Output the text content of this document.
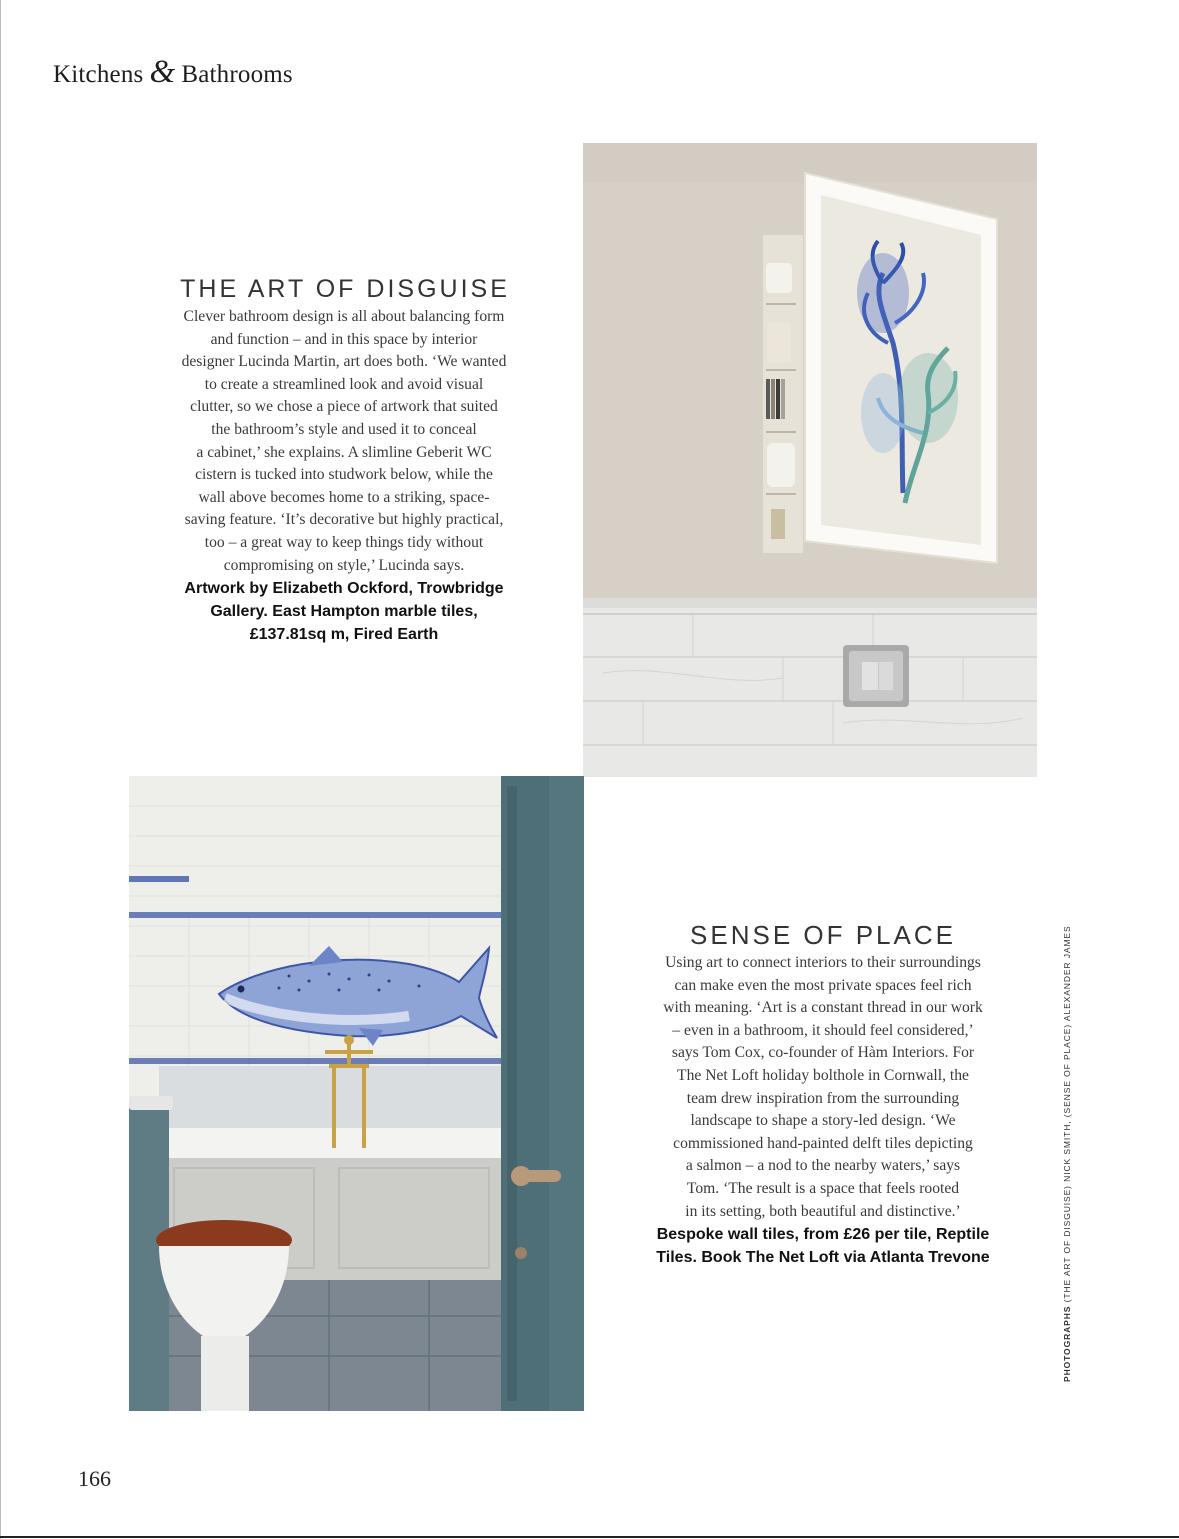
Kitchens & Bathrooms
THE ART OF DISGUISE
Clever bathroom design is all about balancing form
and function – and in this space by interior
designer Lucinda Martin, art does both. ‘We wanted
to create a streamlined look and avoid visual
clutter, so we chose a piece of artwork that suited
the bathroom’s style and used it to conceal
a cabinet,’ she explains. A slimline Geberit WC
cistern is tucked into studwork below, while the
wall above becomes home to a striking, space-
saving feature. ‘It’s decorative but highly practical,
too – a great way to keep things tidy without
compromising on style,’ Lucinda says.
Artwork by Elizabeth Ockford, Trowbridge
Gallery. East Hampton marble tiles,
£137.81sq m, Fired Earth
SENSE OF PLACE
Using art to connect interiors to their surroundings
can make even the most private spaces feel rich
with meaning. ‘Art is a constant thread in our work
– even in a bathroom, it should feel considered,’
says Tom Cox, co-founder of Hàm Interiors. For
The Net Loft holiday bolthole in Cornwall, the
team drew inspiration from the surrounding
landscape to shape a story-led design. ‘We
commissioned hand-painted delft tiles depicting
a salmon – a nod to the nearby waters,’ says
Tom. ‘The result is a space that feels rooted
in its setting, both beautiful and distinctive.’
Bespoke wall tiles, from £26 per tile, Reptile
Tiles. Book The Net Loft via Atlanta Trevone
166
PHOTOGRAPHS (THE ART OF DISGUISE) NICK SMITH, (SENSE OF PLACE) ALEXANDER JAMES
